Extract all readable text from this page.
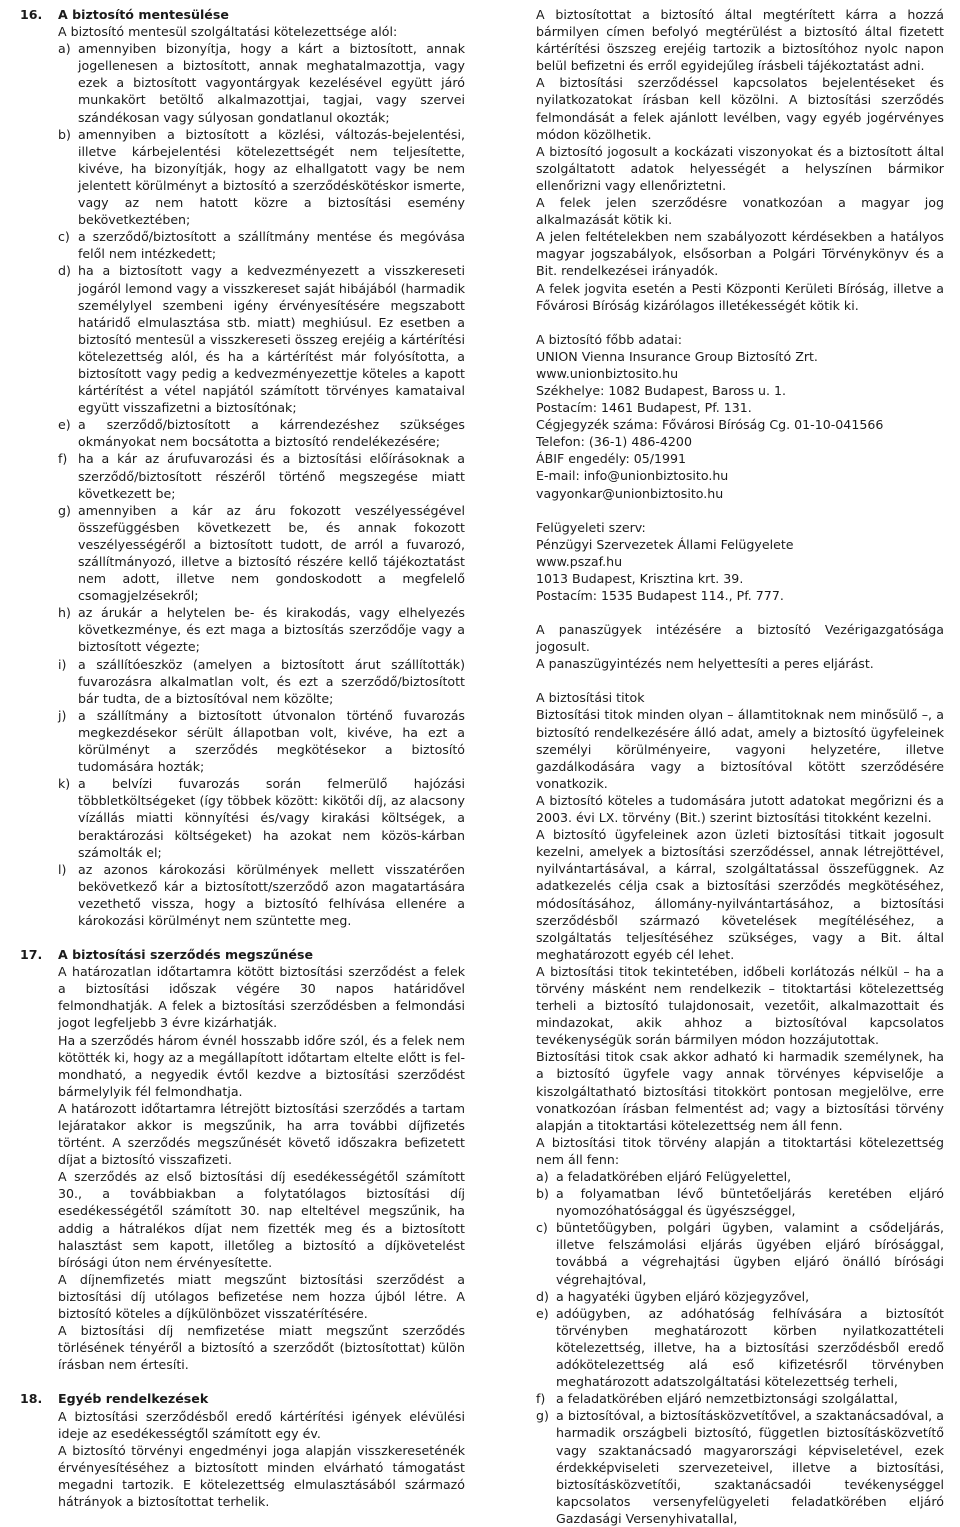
16. A biztosító mentesülése

A biztosító mentesül szolgáltatási kötelezettsége alól:

a) amennyiben bizonyítja, hogy a kárt a biztosított, annak jogellenesen a biztosított, annak meghatalmazottja, vagy ezek a biztosított vagyontárgyak kezelésével együtt járó munkakört betöltő alkalmazottjai, tagjai, vagy szervei szándékosan vagy súlyosan gondatlanul okozták;

b) amennyiben a biztosított a közlési, változás-bejelentési, illetve kárbejelentési kötelezettségét nem teljesítette, kivéve, ha bizonyítják, hogy az elhallgatott vagy be nem jelentett körülményt a biztosító a szerződéskötéskor ismerte, vagy az nem hatott közre a biztosítási esemény bekövetkeztében;

c) a szerződő/biztosított a szállítmány mentése és megóvása felől nem intézkedett;

d) ha a biztosított vagy a kedvezményezett a visszkereseti jogáról lemond vagy a visszkereset saját hibájából (harmadik személylyel szembeni igény érvényesítésére megszabott határidő elmulasztása stb. miatt) meghiúsul. Ez esetben a biztosító mentesül a visszkereseti összeg erejéig a kártérítési kötelezettség alól, és ha a kártérítést már folyósította, a biztosított vagy pedig a kedvezményezettje köteles a kapott kártérítést a vétel napjától számított törvényes kamataival együtt visszafizetni a biztosítónak;

e) a szerződő/biztosított a kárrendezéshez szükséges okmányokat nem bocsátotta a biztosító rendelékezésére;

f) ha a kár az árufuvarozási és a biztosítási előírásoknak a szerződő/biztosított részéről történő megszegése miatt következett be;

g) amennyiben a kár az áru fokozott veszélyességével összefüggésben következett be, és annak fokozott veszélyességéről a biztosított tudott, de arról a fuvarozó, szállítmányozó, illetve a biztosító részére kellő tájékoztatást nem adott, illetve nem gondoskodott a megfelelő csomagjelzésekről;

h) az árukár a helytelen be- és kirakodás, vagy elhelyezés következménye, és ezt maga a biztosítás szerződője vagy a biztosított végezte;

i) a szállítóeszköz (amelyen a biztosított árut szállították) fuvarozásra alkalmatlan volt, és ezt a szerződő/biztosított bár tudta, de a biztosítóval nem közölte;

j) a szállítmány a biztosított útvonalon történő fuvarozás megkezdésekor sérült állapotban volt, kivéve, ha ezt a körülményt a szerződés megkötésekor a biztosító tudomására hozták;

k) a belvízi fuvarozás során felmerülő hajózási többletköltségeket (így többek között: kikötői díj, az alacsony vízállás miatti könnyítési és/vagy kirakási költségek, a beraktározási költségeket) ha azokat nem közös-kárban számolták el;

l) az azonos károkozási körülmények mellett visszatérően bekövetkező kár a biztosított/szerződő azon magatartására vezethető vissza, hogy a biztosító felhívása ellenére a károkozási körülményt nem szüntette meg.

17. A biztosítási szerződés megszűnése

A határozatlan időtartamra kötött biztosítási szerződést a felek a biztosítási időszak végére 30 napos határidővel felmondhatják. A felek a biztosítási szerződésben a felmondási jogot legfeljebb 3 évre kizárhatják.

Ha a szerződés három évnél hosszabb időre szól, és a felek nem kötötték ki, hogy az a megállapított időtartam eltelte előtt is felmondható, a negyedik évtől kezdve a biztosítási szerződést bármelylyik fél felmondhatja.

A határozott időtartamra létrejött biztosítási szerződés a tartam lejáratakor akkor is megszűnik, ha arra további díjfizetés történt. A szerződés megszűnését követő időszakra befizetett díjat a biztosító visszafizeti.

A szerződés az első biztosítási díj esedékességétől számított 30., a továbbiakban a folytatólagos biztosítási díj esedékességétől számított 30. nap elteltével megszűnik, ha addig a hátralékos díjat nem fizették meg és a biztosított halasztást sem kapott, illetőleg a biztosító a díjkövetelést bírósági úton nem érvényesítette.

A díjnemfizetés miatt megszűnt biztosítási szerződést a biztosítási díj utólagos befizetése nem hozza újból létre. A biztosító köteles a díjkülönbözet visszatérítésére.

A biztosítási díj nemfizetése miatt megszűnt szerződés törlésének tényéről a biztosító a szerződőt (biztosítottat) külön írásban nem értesíti.

18. Egyéb rendelkezések

A biztosítási szerződésből eredő kártérítési igények elévülési ideje az esedékességtől számított egy év.

A biztosító törvényi engedményi joga alapján visszkereseténék érvényesítéséhez a biztosított minden elvárható támogatást megadni tartozik. E kötelezettség elmulasztásából származó hátrányok a biztosítottat terhelik.

A biztosítottat a biztosító által megtérített kárra a hozzá bármilyen címen befolyó megtérülést a biztosító által fizetett kártérítési öszszeg erejéig tartozik a biztosítóhoz nyolc napon belül befizetni és erről egyidejűleg írásbeli tájékoztatást adni.

A biztosítási szerződéssel kapcsolatos bejelentéseket és nyilatkozatokat írásban kell közölni. A biztosítási szerződés felmondását a felek ajánlott levélben, vagy egyéb jogérvényes módon közölhetik.

A biztosító jogosult a kockázati viszonyokat és a biztosított által szolgáltatott adatok helyességét a helyszínen bármikor ellenőrizni vagy ellenőriztetni.

A felek jelen szerződésre vonatkozóan a magyar jog alkalmazását kötik ki.

A jelen feltételekben nem szabályozott kérdésekben a hatályos magyar jogszabályok, elsősorban a Polgári Törvénykönyv és a Bit. rendelkezései irányadók.

A felek jogvita esetén a Pesti Központi Kerületi Bíróság, illetve a Fővárosi Bíróság kizárólagos illetékességét kötik ki.

A biztosító főbb adatai:

UNION Vienna Insurance Group Biztosító Zrt.

www.unionbiztosito.hu

Székhelye: 1082 Budapest, Baross u. 1.

Postacím: 1461 Budapest, Pf. 131.

Cégjegyzék száma: Fővárosi Bíróság Cg. 01-10-041566

Telefon: (36-1) 486-4200

ÁBIF engedély: 05/1991

E-mail: info@unionbiztosito.hu

vagyonkar@unionbiztosito.hu

Felügyeleti szerv:

Pénzügyi Szervezetek Állami Felügyelete

www.pszaf.hu

1013 Budapest, Krisztina krt. 39.

Postacím: 1535 Budapest 114., Pf. 777.

A panaszügyek intézésére a biztosító Vezérigazgatósága jogosult.

A panaszügyintézés nem helyettesíti a peres eljárást.

A biztosítási titok

Biztosítási titok minden olyan – államtitoknak nem minősülő –, a biztosító rendelkezésére álló adat, amely a biztosító ügyfeleinek személyi körülményeire, vagyoni helyzetére, illetve gazdálkodására vagy a biztosítóval kötött szerződésére vonatkozik.

A biztosító köteles a tudomására jutott adatokat megőrizni és a 2003. évi LX. törvény (Bit.) szerint biztosítási titokként kezelni.

A biztosító ügyfeleinek azon üzleti biztosítási titkait jogosult kezelni, amelyek a biztosítási szerződéssel, annak létrejöttével, nyilvántartásával, a kárral, szolgáltatással összefüggnek. Az adatkezelés célja csak a biztosítási szerződés megkötéséhez, módosításához, állomány-nyilvántartásához, a biztosítási szerződésből származó követelések megítéléséhez, a szolgáltatás teljesítéséhez szükséges, vagy a Bit. által meghatározott egyéb cél lehet.

A biztosítási titok tekintetében, időbeli korlátozás nélkül – ha a törvény másként nem rendelkezik – titoktartási kötelezettség terheli a biztosító tulajdonosait, vezetőit, alkalmazottait és mindazokat, akik ahhoz a biztosítóval kapcsolatos tevékenységük során bármilyen módon hozzájutottak.

Biztosítási titok csak akkor adható ki harmadik személynek, ha a biztosító ügyfele vagy annak törvényes képviselője a kiszolgáltatható biztosítási titokkört pontosan megjelölve, erre vonatkozóan írásban felmentést ad; vagy a biztosítási törvény alapján a titoktartási kötelezettség nem áll fenn.

A biztosítási titok törvény alapján a titoktartási kötelezettség nem áll fenn:

a) a feladatkörében eljáró Felügyelettel,

b) a folyamatban lévő büntetőeljárás keretében eljáró nyomozóhatósággal és ügyészséggel,

c) büntetőügyben, polgári ügyben, valamint a csődeljárás, illetve felszámolási eljárás ügyében eljáró bírósággal, továbbá a végrehajtási ügyben eljáró önálló bírósági végrehajtóval,

d) a hagyatéki ügyben eljáró közjegyzővel,

e) adóügyben, az adóhatóság felhívására a biztosítót törvényben meghatározott körben nyilatkozattételi kötelezettség, illetve, ha a biztosítási szerződésből eredő adókötelezettség alá eső kifizetésről törvényben meghatározott adatszolgáltatási kötelezettség terheli,

f) a feladatkörében eljáró nemzetbiztonsági szolgálattal,

g) a biztosítóval, a biztosításközvetítővel, a szaktanácsadóval, a harmadik országbeli biztosító, független biztosításközvetítő vagy szaktanácsadó magyarországi képviseletével, ezek érdekképviseleti szervezeteivel, illetve a biztosítási, biztosításközvetítői, szaktanácsadói tevékenységgel kapcsolatos versenyfelügyeleti feladatkörében eljáró Gazdasági Versenyhivatallal,
